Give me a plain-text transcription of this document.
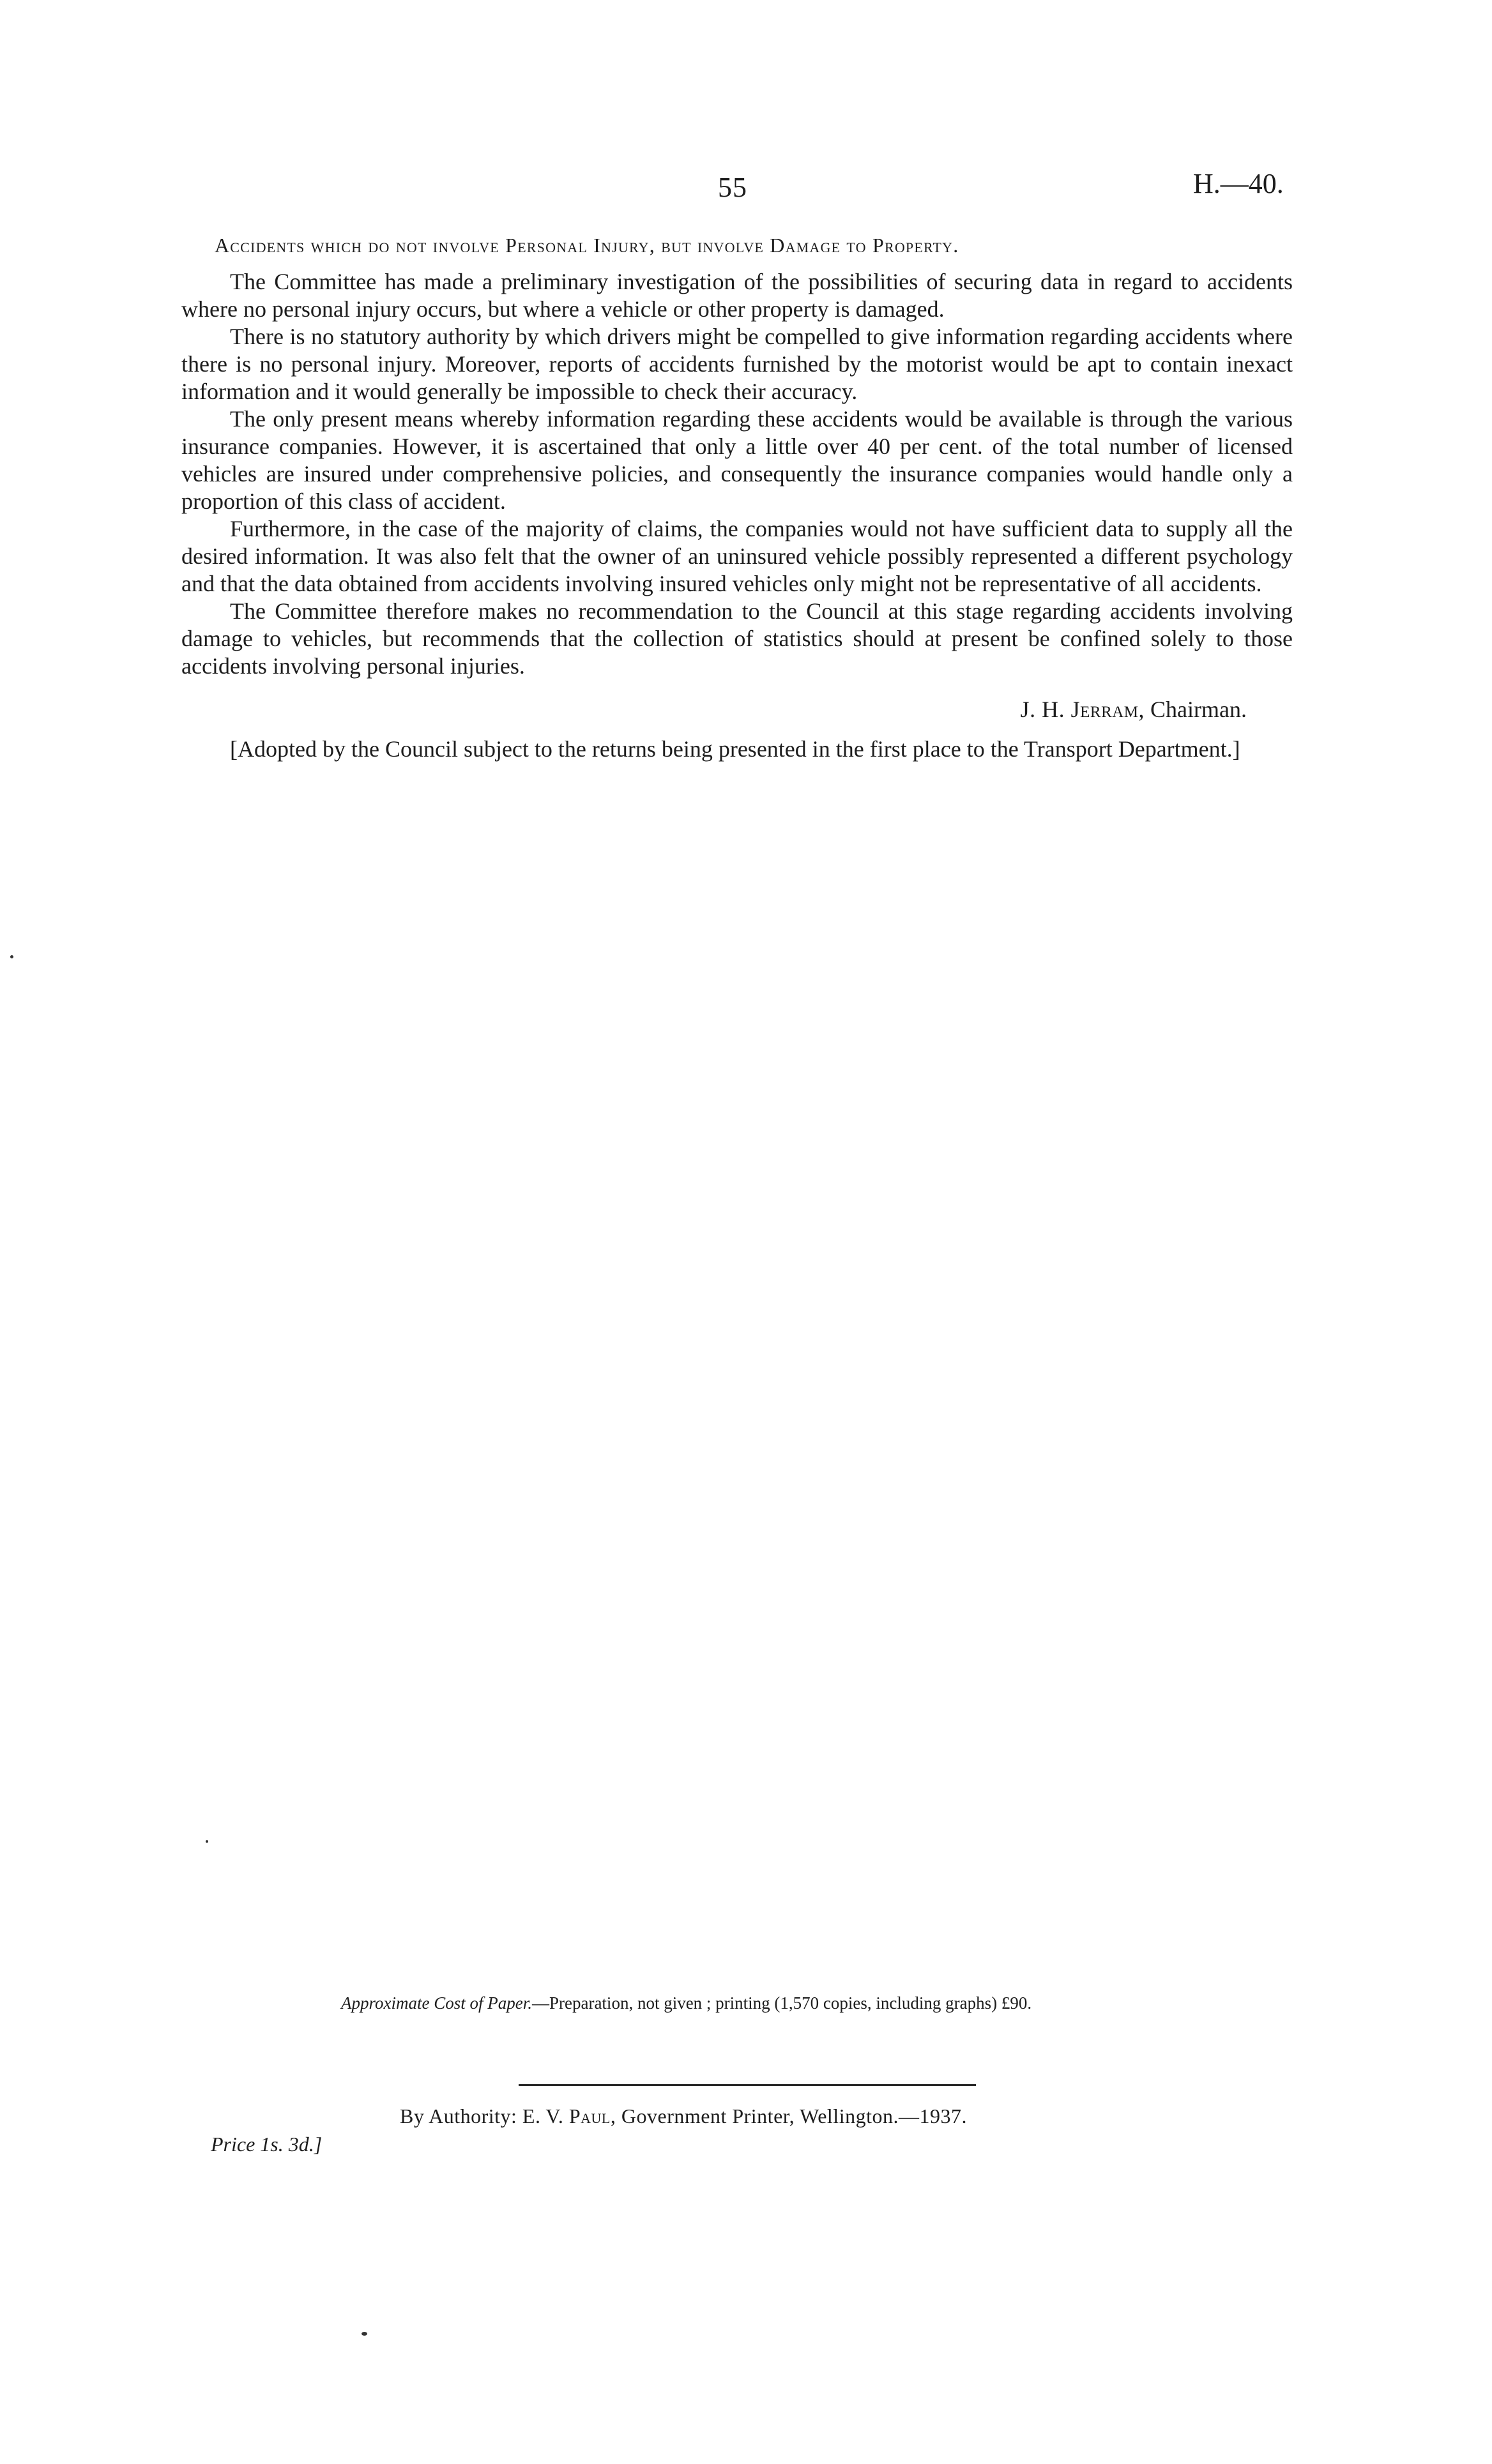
55	H.—40.
Accidents which do not involve Personal Injury, but involve Damage to Property.

The Committee has made a preliminary investigation of the possibilities of securing data in regard to accidents where no personal injury occurs, but where a vehicle or other property is damaged.

There is no statutory authority by which drivers might be compelled to give information regarding accidents where there is no personal injury. Moreover, reports of accidents furnished by the motorist would be apt to contain inexact information and it would generally be impossible to check their accuracy.

The only present means whereby information regarding these accidents would be available is through the various insurance companies. However, it is ascertained that only a little over 40 per cent. of the total number of licensed vehicles are insured under comprehensive policies, and consequently the insurance companies would handle only a proportion of this class of accident.

Furthermore, in the case of the majority of claims, the companies would not have sufficient data to supply all the desired information. It was also felt that the owner of an uninsured vehicle possibly represented a different psychology and that the data obtained from accidents involving insured vehicles only might not be representative of all accidents.

The Committee therefore makes no recommendation to the Council at this stage regarding accidents involving damage to vehicles, but recommends that the collection of statistics should at present be confined solely to those accidents involving personal injuries.

J. H. Jerram, Chairman.

[Adopted by the Council subject to the returns being presented in the first place to the Transport Department.]

Approximate Cost of Paper.—Preparation, not given ; printing (1,570 copies, including graphs) £90.
By Authority: E. V. Paul, Government Printer, Wellington.—1937.
Price 1s. 3d.]
